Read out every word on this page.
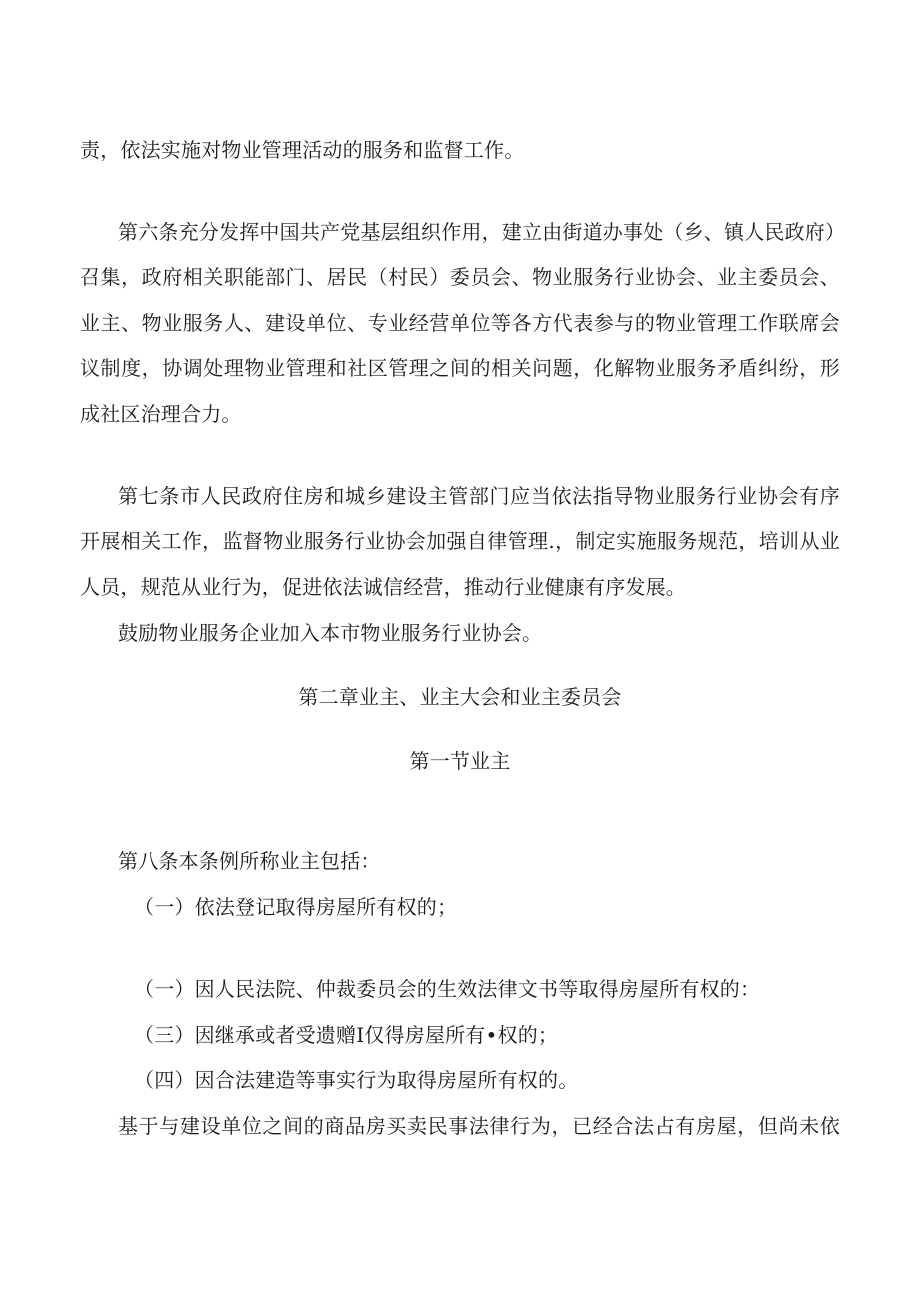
责，依法实施对物业管理活动的服务和监督工作。
第六条充分发挥中国共产党基层组织作用，建立由街道办事处（乡、镇人民政府）
召集，政府相关职能部门、居民（村民）委员会、物业服务行业协会、业主委员会、
业主、物业服务人、建设单位、专业经营单位等各方代表参与的物业管理工作联席会
议制度，协调处理物业管理和社区管理之间的相关问题，化解物业服务矛盾纠纷，形
成社区治理合力。
第七条市人民政府住房和城乡建设主管部门应当依法指导物业服务行业协会有序
开展相关工作，监督物业服务行业协会加强自律管理.，制定实施服务规范，培训从业
人员，规范从业行为，促进依法诚信经营，推动行业健康有序发展。
鼓励物业服务企业加入本市物业服务行业协会。
第二章业主、业主大会和业主委员会
第一节业主
第八条本条例所称业主包括：
（一）依法登记取得房屋所有权的；
（一）因人民法院、仲裁委员会的生效法律文书等取得房屋所有权的：
（三）因继承或者受遗赠I仅得房屋所有•权的；
（四）因合法建造等事实行为取得房屋所有权的。
基于与建设单位之间的商品房买卖民事法律行为，已经合法占有房屋，但尚未依
